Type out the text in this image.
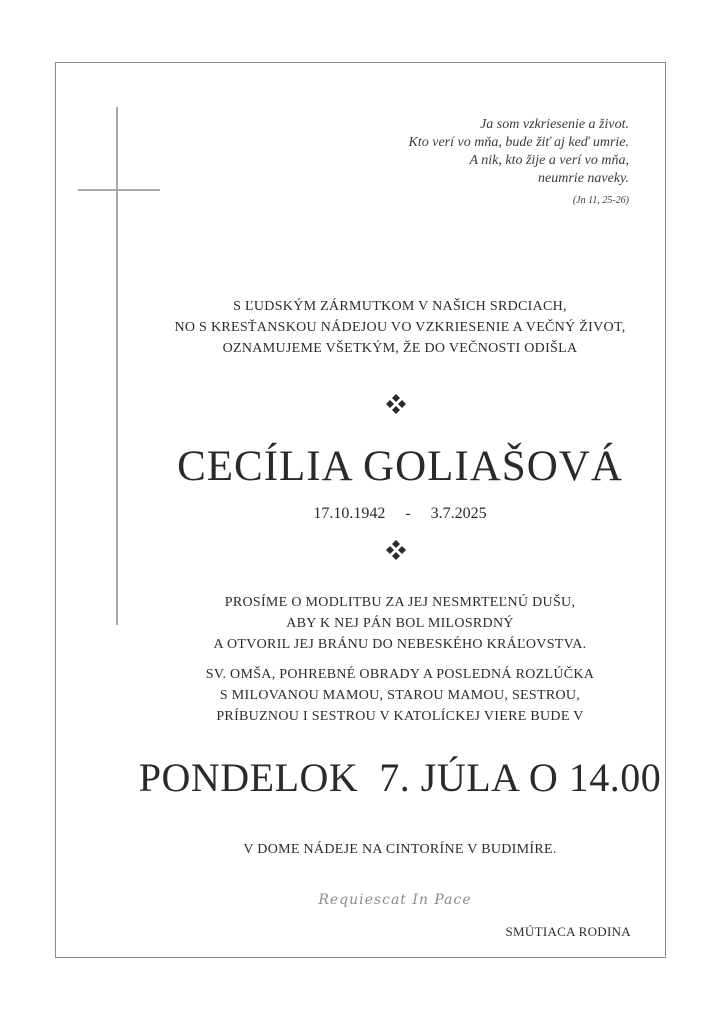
Ja som vzkriesenie a život.
Kto verí vo mňa, bude žiť aj keď umrie.
A nik, kto žije a verí vo mňa,
neumrie naveky.
(Jn 11, 25-26)
S ĽUDSKÝM ZÁRMUTKOM V NAŠICH SRDCIACH,
NO S KRESŤANSKOU NÁDEJOU VO VZKRIESENIE A VEČNÝ ŽIVOT,
OZNAMUJEME VŠETKÝM, ŽE DO VEČNOSTI ODIŠLA
CECÍLIA GOLIAŠOVÁ
17.10.1942 - 3.7.2025
PROSÍME O MODLITBU ZA JEJ NESMRTEĽNÚ DUŠU,
ABY K NEJ PÁN BOL MILOSRDNÝ
A OTVORIL JEJ BRÁNU DO NEBESKÉHO KRÁĽOVSTVA.
SV. OMŠA, POHREBNÉ OBRADY A POSLEDNÁ ROZLÚČKA
S MILOVANOU MAMOU, STAROU MAMOU, SESTROU,
PRÍBUZNOU I SESTROU V KATOLÍCKEJ VIERE BUDE V
PONDELOK  7. JÚLA O 14.00
V DOME NÁDEJE NA CINTORÍNE V BUDIMÍRE.
Requiescat In Pace
SMÚTIACA RODINA
